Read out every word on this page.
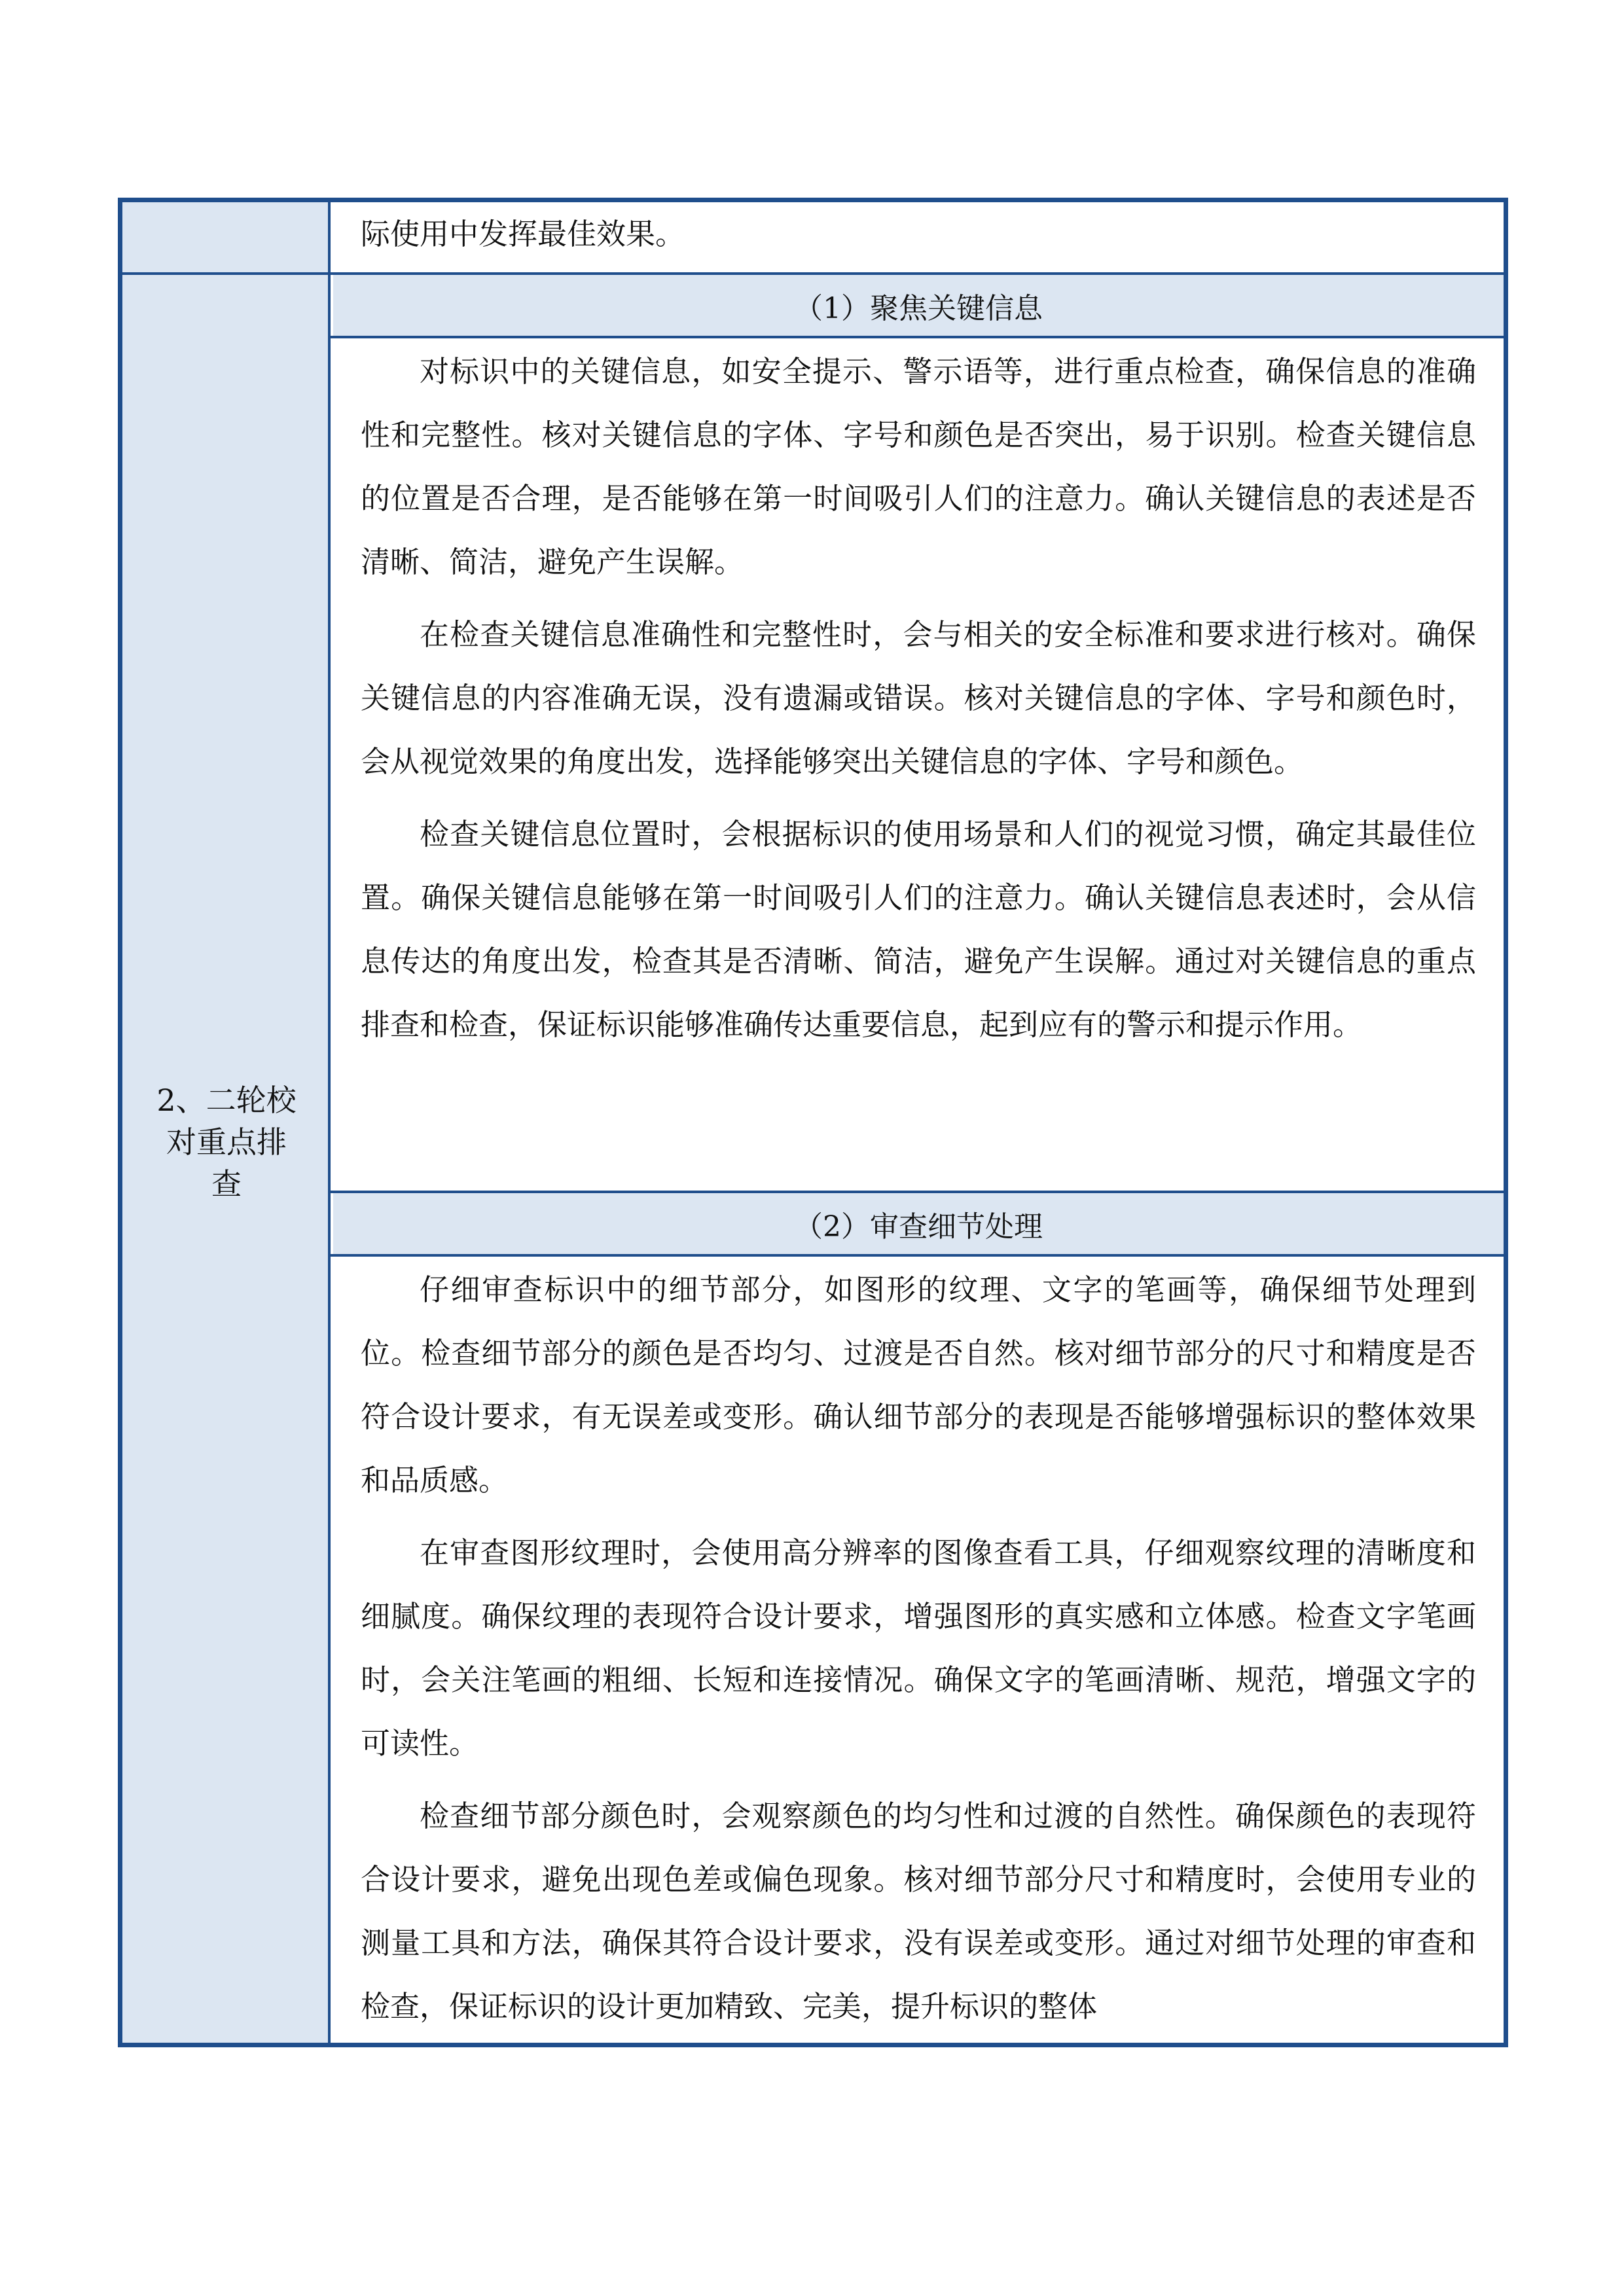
2、二轮校
对重点排
查

际使用中发挥最佳效果。

（1）聚焦关键信息

对标识中的关键信息，如安全提示、警示语等，进行重点检查，确保信息的准确性和完整性。核对关键信息的字体、字号和颜色是否突出，易于识别。检查关键信息的位置是否合理，是否能够在第一时间吸引人们的注意力。确认关键信息的表述是否清晰、简洁，避免产生误解。

在检查关键信息准确性和完整性时，会与相关的安全标准和要求进行核对。确保关键信息的内容准确无误，没有遗漏或错误。核对关键信息的字体、字号和颜色时，会从视觉效果的角度出发，选择能够突出关键信息的字体、字号和颜色。

检查关键信息位置时，会根据标识的使用场景和人们的视觉习惯，确定其最佳位置。确保关键信息能够在第一时间吸引人们的注意力。确认关键信息表述时，会从信息传达的角度出发，检查其是否清晰、简洁，避免产生误解。通过对关键信息的重点排查和检查，保证标识能够准确传达重要信息，起到应有的警示和提示作用。

（2）审查细节处理

仔细审查标识中的细节部分，如图形的纹理、文字的笔画等，确保细节处理到位。检查细节部分的颜色是否均匀、过渡是否自然。核对细节部分的尺寸和精度是否符合设计要求，有无误差或变形。确认细节部分的表现是否能够增强标识的整体效果和品质感。

在审查图形纹理时，会使用高分辨率的图像查看工具，仔细观察纹理的清晰度和细腻度。确保纹理的表现符合设计要求，增强图形的真实感和立体感。检查文字笔画时，会关注笔画的粗细、长短和连接情况。确保文字的笔画清晰、规范，增强文字的可读性。

检查细节部分颜色时，会观察颜色的均匀性和过渡的自然性。确保颜色的表现符合设计要求，避免出现色差或偏色现象。核对细节部分尺寸和精度时，会使用专业的测量工具和方法，确保其符合设计要求，没有误差或变形。通过对细节处理的审查和检查，保证标识的设计更加精致、完美，提升标识的整体
